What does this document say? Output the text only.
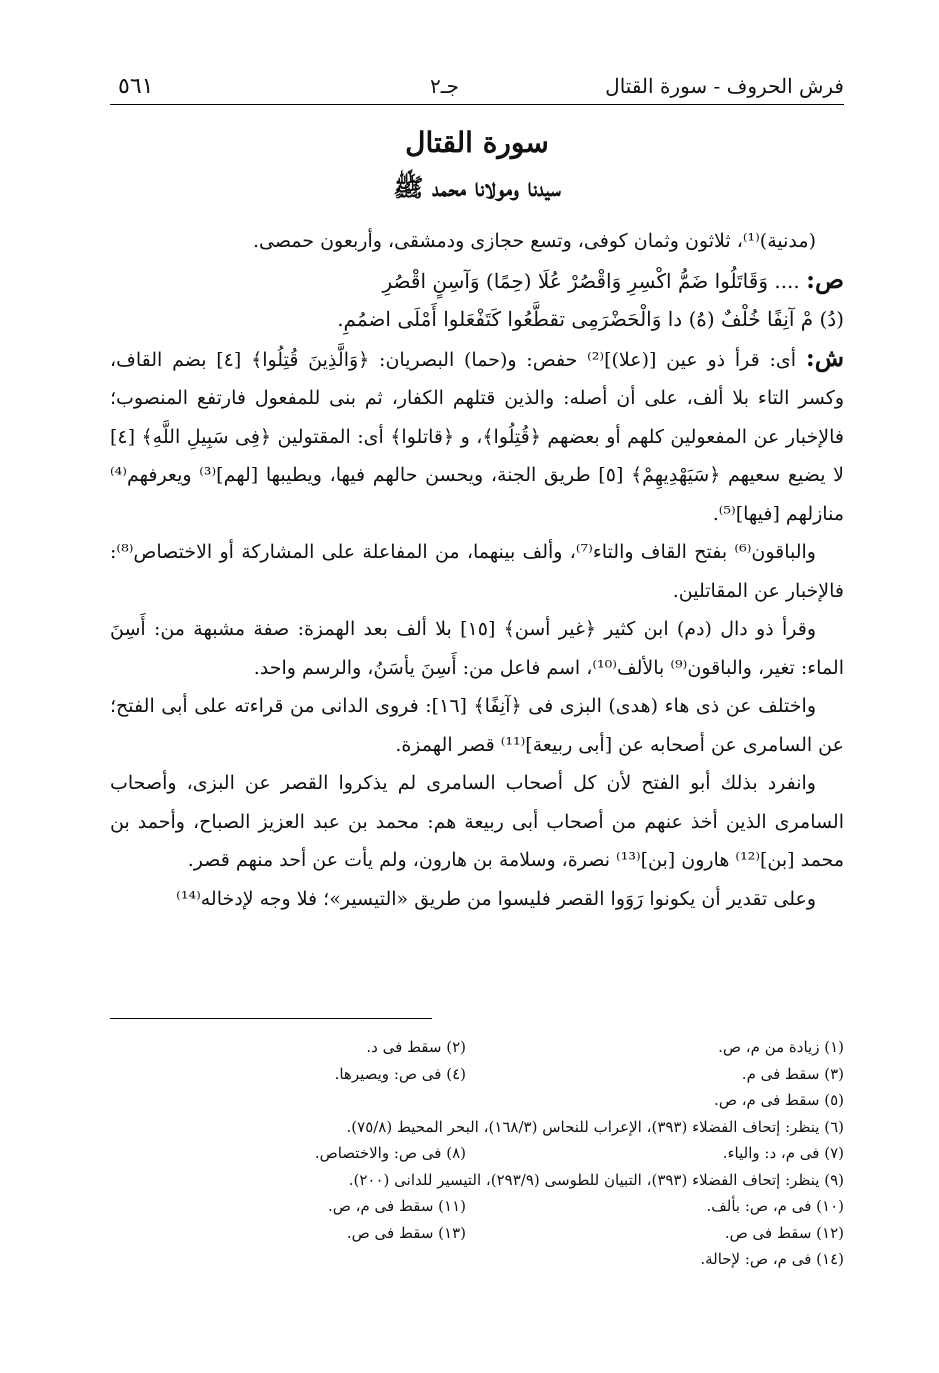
فرش الحروف - سورة القتال
جـ٢
٥٦١
سورة القتال
سيدنا ومولانا محمد ﷺ

(مدنية)⁽¹⁾، ثلاثون وثمان كوفى، وتسع حجازى ودمشقى، وأربعون حمصى.

ص: .... وَقَاتَلُوا ضَمُّ اكْسِرِ وَاقْصُرْ عُلَا (حِمًا) وَآسِنٍ اقْصُرِ
(دُ) مْ آنِفًا خُلْفٌ (هُ) دا وَالْحَضْرَمِى تقطَّعُوا كَتَفْعَلوا أَمْلَى اضمُمِ.

ش: أى: قرأ ذو عين [(علا)]⁽²⁾ حفص: و(حما) البصريان: ﴿وَالَّذِينَ قُتِلُوا﴾ [٤] بضم القاف، وكسر التاء بلا ألف، على أن أصله: والذين قتلهم الكفار، ثم بنى للمفعول فارتفع المنصوب؛ فالإخبار عن المفعولين كلهم أو بعضهم ﴿قُتِلُوا﴾، و ﴿قاتلوا﴾ أى: المقتولين ﴿فِى سَبِيلِ اللَّهِ﴾ [٤] لا يضيع سعيهم ﴿سَيَهْدِيهِمْ﴾ [٥] طريق الجنة، ويحسن حالهم فيها، ويطيبها [لهم]⁽³⁾ ويعرفهم⁽⁴⁾ منازلهم [فيها]⁽⁵⁾.

والباقون⁽⁶⁾ بفتح القاف والتاء⁽⁷⁾، وألف بينهما، من المفاعلة على المشاركة أو الاختصاص⁽⁸⁾: فالإخبار عن المقاتلين.

وقرأ ذو دال (دم) ابن كثير ﴿غير أسن﴾ [١٥] بلا ألف بعد الهمزة: صفة مشبهة من: أَسِنَ الماء: تغير، والباقون⁽⁹⁾ بالألف⁽¹⁰⁾، اسم فاعل من: أَسِنَ يأسَنُ، والرسم واحد.

واختلف عن ذى هاء (هدى) البزى فى ﴿آنِفًا﴾ [١٦]: فروى الدانى من قراءته على أبى الفتح؛ عن السامرى عن أصحابه عن [أبى ربيعة]⁽¹¹⁾ قصر الهمزة.

وانفرد بذلك أبو الفتح لأن كل أصحاب السامرى لم يذكروا القصر عن البزى، وأصحاب السامرى الذين أخذ عنهم من أصحاب أبى ربيعة هم: محمد بن عبد العزيز الصباح، وأحمد بن محمد [بن]⁽¹²⁾ هارون [بن]⁽¹³⁾ نصرة، وسلامة بن هارون، ولم يأت عن أحد منهم قصر.

وعلى تقدير أن يكونوا رَوَوا القصر فليسوا من طريق «التيسير»؛ فلا وجه لإدخاله⁽¹⁴⁾

(١) زيادة من م، ص.
(٢) سقط فى د.
(٣) سقط فى م.
(٤) فى ص: ويصيرها.
(٥) سقط فى م، ص.
(٦) ينظر: إتحاف الفضلاء (٣٩٣)، الإعراب للنحاس (١٦٨/٣)، البحر المحيط (٧٥/٨).
(٧) فى م، د: والياء.
(٨) فى ص: والاختصاص.
(٩) ينظر: إتحاف الفضلاء (٣٩٣)، التبيان للطوسى (٢٩٣/٩)، التيسير للدانى (٢٠٠).
(١٠) فى م، ص: بألف.
(١١) سقط فى م، ص.
(١٢) سقط فى ص.
(١٣) سقط فى ص.
(١٤) فى م، ص: لإحالة.
